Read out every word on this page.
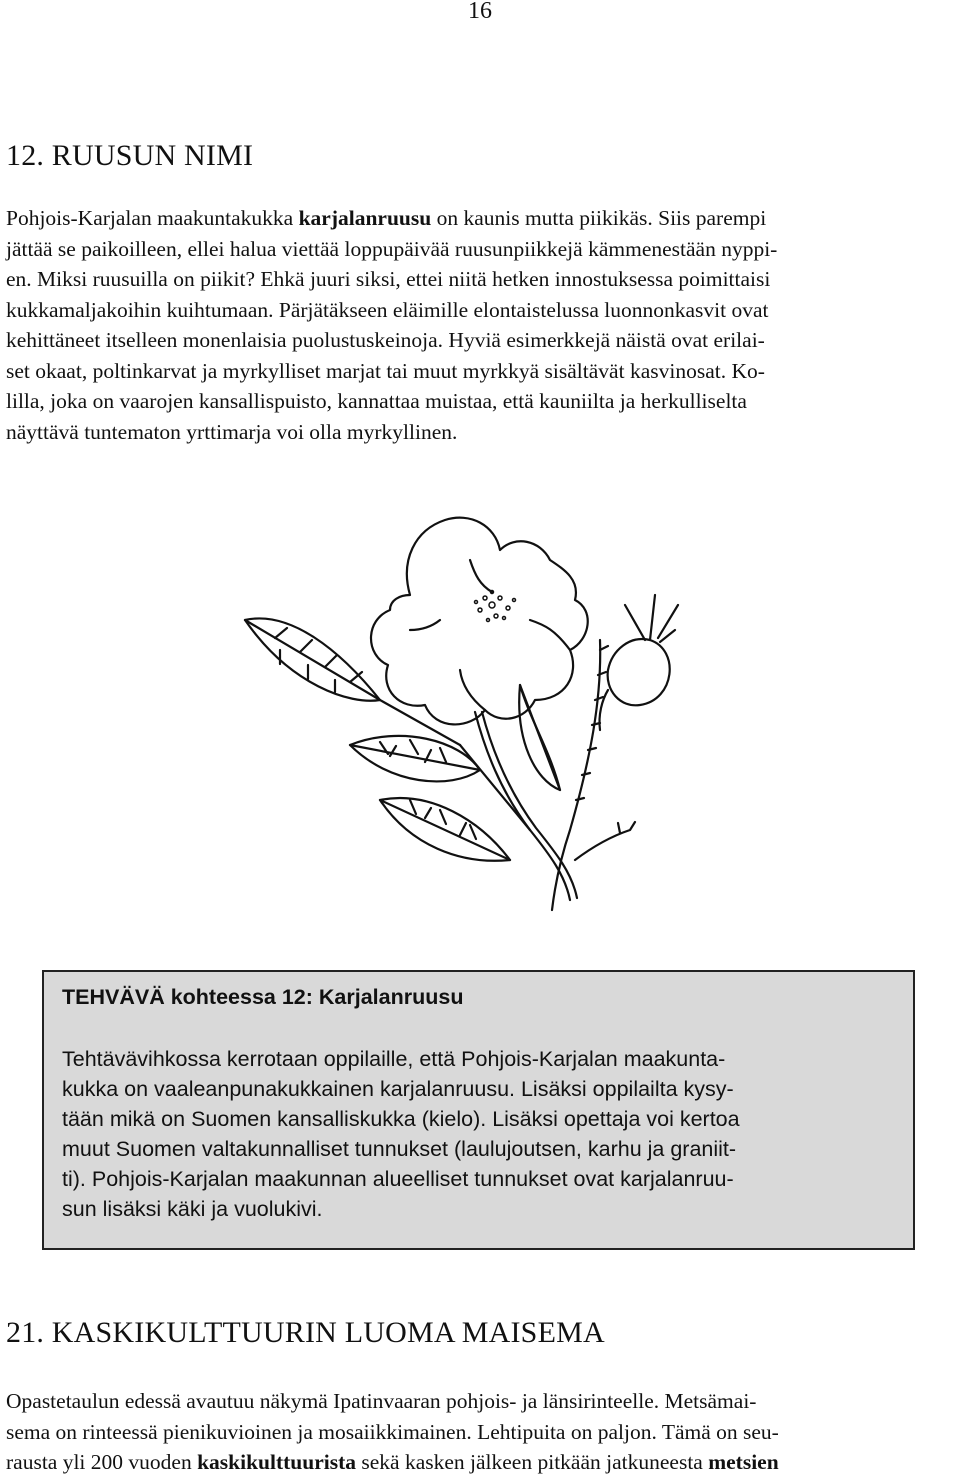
16
12. RUUSUN NIMI

Pohjois-Karjalan maakuntakukka karjalanruusu on kaunis mutta piikikäs. Siis parempi
jättää se paikoilleen, ellei halua viettää loppupäivää ruusunpiikkejä kämmenestään nyppi-
en. Miksi ruusuilla on piikit? Ehkä juuri siksi, ettei niitä hetken innostuksessa poimittaisi
kukkamaljakoihin kuihtumaan. Pärjätäkseen eläimille elontaistelussa luonnonkasvit ovat
kehittäneet itselleen monenlaisia puolustuskeinoja. Hyviä esimerkkejä näistä ovat erilai-
set okaat, poltinkarvat ja myrkylliset marjat tai muut myrkkyä sisältävät kasvinosat. Ko-
lilla, joka on vaarojen kansallispuisto, kannattaa muistaa, että kauniilta ja herkulliselta
näyttävä tuntematon yrttimarja voi olla myrkyllinen.

TEHVÄVÄ kohteessa 12: Karjalanruusu

Tehtävävihkossa kerrotaan oppilaille, että Pohjois-Karjalan maakunta-
kukka on vaaleanpunakukkainen karjalanruusu. Lisäksi oppilailta kysy-
tään mikä on Suomen kansalliskukka (kielo). Lisäksi opettaja voi kertoa
muut Suomen valtakunnalliset tunnukset (laulujoutsen, karhu ja graniit-
ti). Pohjois-Karjalan maakunnan alueelliset tunnukset ovat karjalanruu-
sun lisäksi käki ja vuolukivi.

21. KASKIKULTTUURIN LUOMA MAISEMA

Opastetaulun edessä avautuu näkymä Ipatinvaaran pohjois- ja länsirinteelle. Metsämai-
sema on rinteessä pienikuvioinen ja mosaiikkimainen. Lehtipuita on paljon. Tämä on seu-
rausta yli 200 vuoden kaskikulttuurista sekä kasken jälkeen pitkään jatkuneesta metsien
